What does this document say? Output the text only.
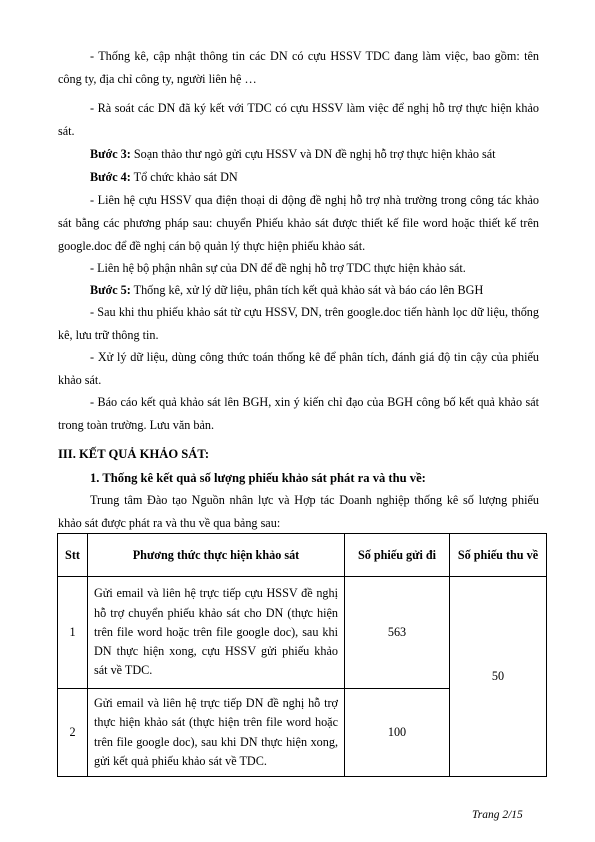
- Thống kê, cập nhật thông tin các DN có cựu HSSV TDC đang làm việc, bao gồm: tên công ty, địa chỉ công ty, người liên hệ …

- Rà soát các DN đã ký kết với TDC có cựu HSSV làm việc để nghị hỗ trợ thực hiện khảo sát.

Bước 3: Soạn thảo thư ngỏ gửi cựu HSSV và DN đề nghị hỗ trợ thực hiện khảo sát

Bước 4: Tổ chức khảo sát DN

- Liên hệ cựu HSSV qua điện thoại di động đề nghị hỗ trợ nhà trường trong công tác khảo sát bằng các phương pháp sau: chuyển Phiếu khảo sát được thiết kế file word hoặc thiết kế trên google.doc để đề nghị cán bộ quản lý thực hiện phiếu khảo sát.

- Liên hệ bộ phận nhân sự của DN để đề nghị hỗ trợ TDC thực hiện khảo sát.

Bước 5: Thống kê, xử lý dữ liệu, phân tích kết quả khảo sát và báo cáo lên BGH

- Sau khi thu phiếu khảo sát từ cựu HSSV, DN, trên google.doc tiến hành lọc dữ liệu, thống kê, lưu trữ thông tin.

- Xử lý dữ liệu, dùng công thức toán thống kê để phân tích, đánh giá độ tin cậy của phiếu khảo sát.

- Báo cáo kết quả khảo sát lên BGH, xin ý kiến chỉ đạo của BGH công bố kết quả khảo sát trong toàn trường. Lưu văn bản.

III. KẾT QUẢ KHẢO SÁT:

1. Thống kê kết quả số lượng phiếu khảo sát phát ra và thu về:

Trung tâm Đào tạo Nguồn nhân lực và Hợp tác Doanh nghiệp thống kê số lượng phiếu khảo sát được phát ra và thu về qua bảng sau:

Stt	Phương thức thực hiện khảo sát	Số phiếu gửi đi	Số phiếu thu về
1	Gửi email và liên hệ trực tiếp cựu HSSV đề nghị hỗ trợ chuyển phiếu khảo sát cho DN (thực hiện trên file word hoặc trên file google doc), sau khi DN thực hiện xong, cựu HSSV gửi phiếu khảo sát về TDC.	563	50
2	Gửi email và liên hệ trực tiếp DN đề nghị hỗ trợ thực hiện khảo sát (thực hiện trên file word hoặc trên file google doc), sau khi DN thực hiện xong, gửi kết quả phiếu khảo sát về TDC.	100	
Trang 2/15
